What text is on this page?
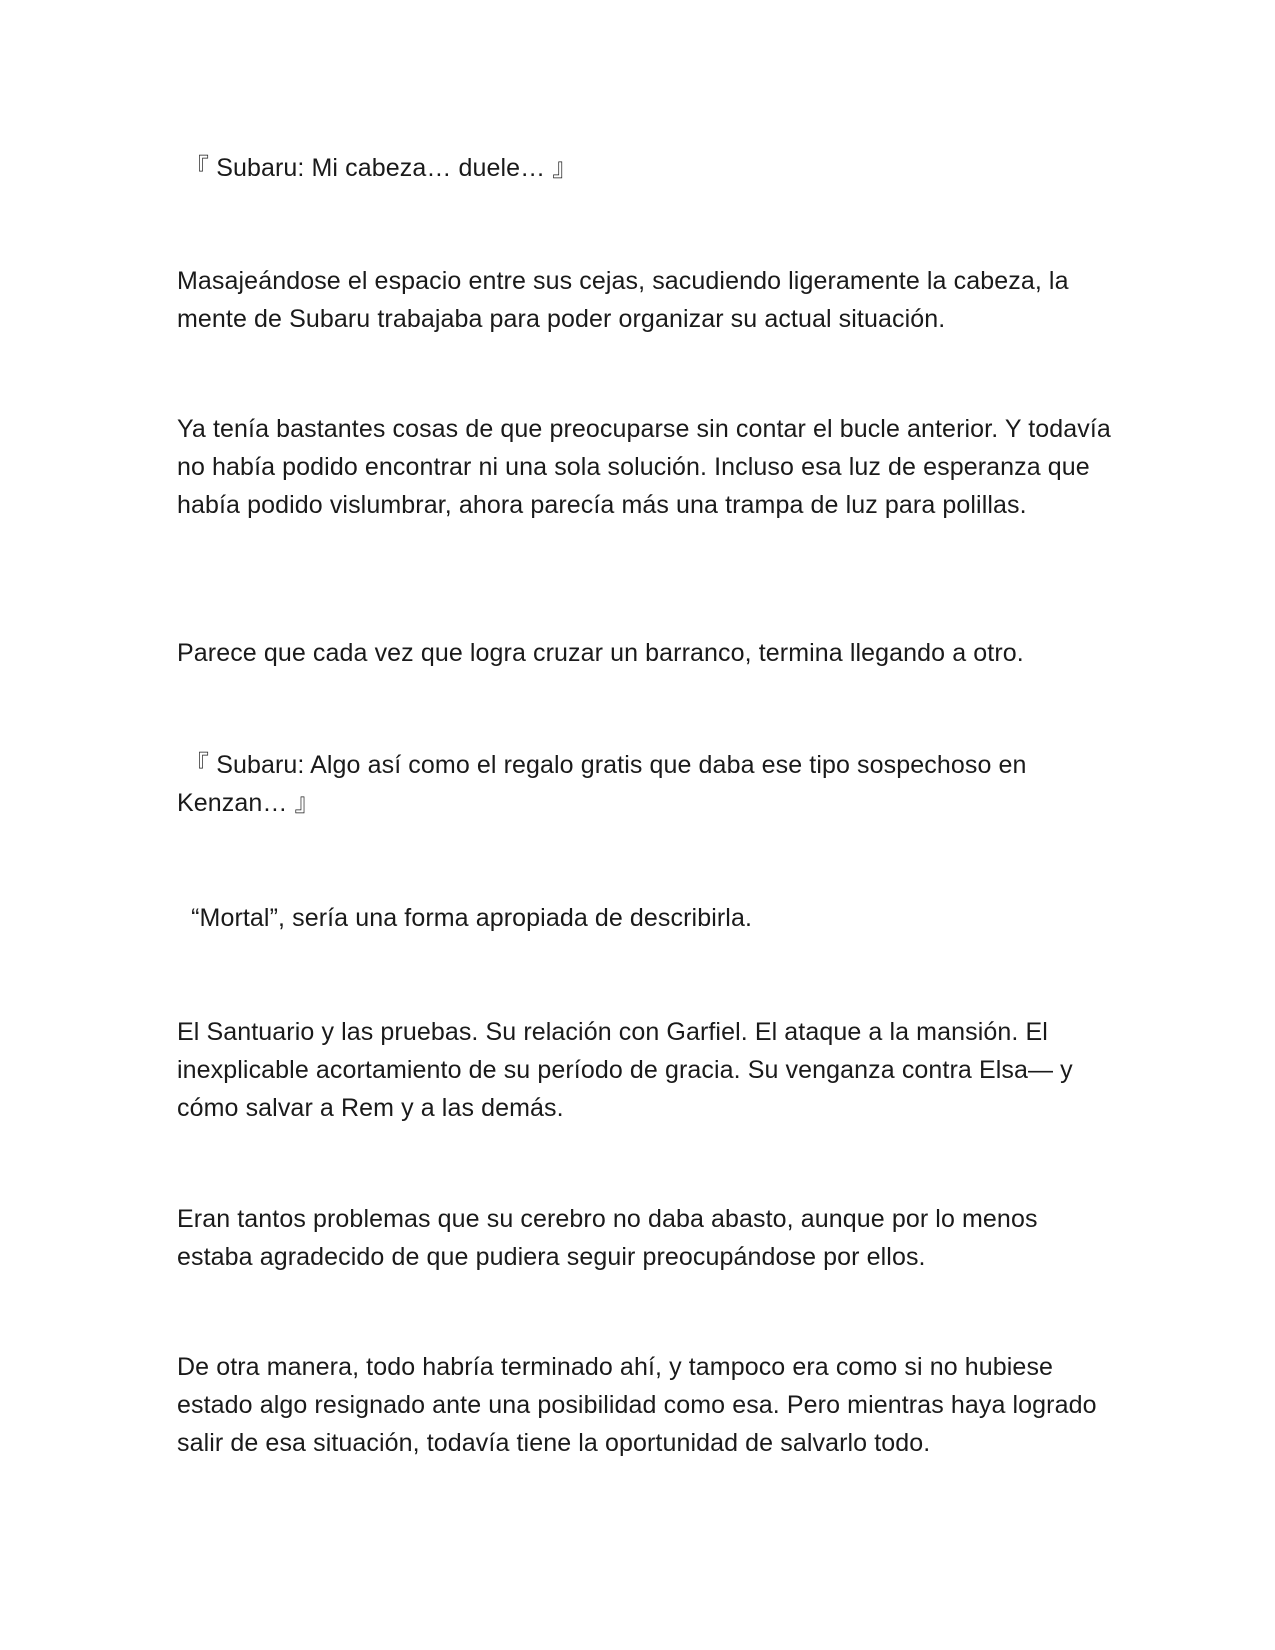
『 Subaru: Mi cabeza… duele… 』

Masajeándose el espacio entre sus cejas, sacudiendo ligeramente la cabeza, la mente de Subaru trabajaba para poder organizar su actual situación.

Ya tenía bastantes cosas de que preocuparse sin contar el bucle anterior. Y todavía no había podido encontrar ni una sola solución. Incluso esa luz de esperanza que había podido vislumbrar, ahora parecía más una trampa de luz para polillas.

Parece que cada vez que logra cruzar un barranco, termina llegando a otro.

『 Subaru: Algo así como el regalo gratis que daba ese tipo sospechoso en Kenzan… 』

“Mortal”, sería una forma apropiada de describirla.

El Santuario y las pruebas. Su relación con Garfiel. El ataque a la mansión. El inexplicable acortamiento de su período de gracia. Su venganza contra Elsa— y cómo salvar a Rem y a las demás.

Eran tantos problemas que su cerebro no daba abasto, aunque por lo menos estaba agradecido de que pudiera seguir preocupándose por ellos.

De otra manera, todo habría terminado ahí, y tampoco era como si no hubiese estado algo resignado ante una posibilidad como esa. Pero mientras haya logrado salir de esa situación, todavía tiene la oportunidad de salvarlo todo.
